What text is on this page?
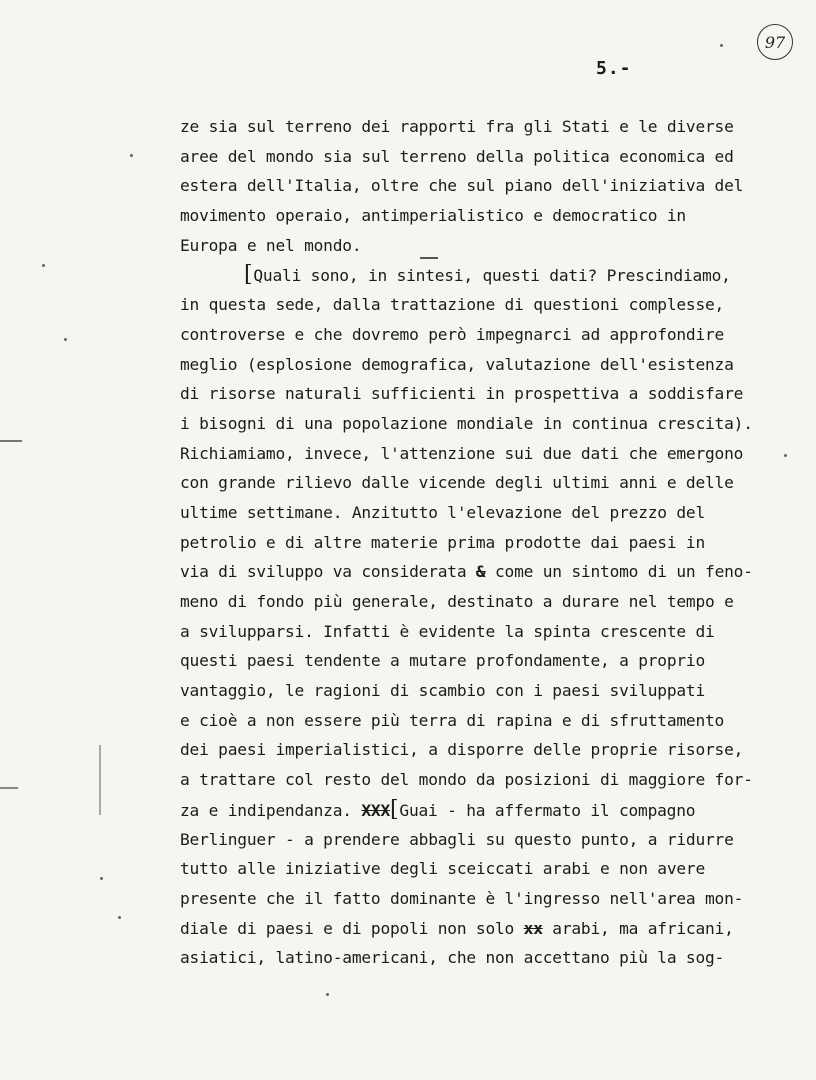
97
5.-
ze sia sul terreno dei rapporti fra gli Stati e le diverse
aree del mondo sia sul terreno della politica economica ed
estera dell'Italia, oltre che sul piano dell'iniziativa del
movimento operaio, antimperialistico e democratico in
Europa e nel mondo.
[Quali sono, in sintesi, questi dati? Prescindiamo,
in questa sede, dalla trattazione di questioni complesse,
controverse e che dovremo però impegnarci ad approfondire
meglio (esplosione demografica, valutazione dell'esistenza
di risorse naturali sufficienti in prospettiva a soddisfare
i bisogni di una popolazione mondiale in continua crescita).
Richiamiamo, invece, l'attenzione sui due dati che emergono
con grande rilievo dalle vicende degli ultimi anni e delle
ultime settimane. Anzitutto l'elevazione del prezzo del
petrolio e di altre materie prima prodotte dai paesi in
via di sviluppo va considerata & come un sintomo di un feno-
meno di fondo più generale, destinato a durare nel tempo e
a svilupparsi. Infatti è evidente la spinta crescente di
questi paesi tendente a mutare profondamente, a proprio
vantaggio, le ragioni di scambio con i paesi sviluppati
e cioè a non essere più terra di rapina e di sfruttamento
dei paesi imperialistici, a disporre delle proprie risorse,
a trattare col resto del mondo da posizioni di maggiore for-
za e indipendanza. XXX[Guai - ha affermato il compagno
Berlinguer - a prendere abbagli su questo punto, a ridurre
tutto alle iniziative degli sceiccati arabi e non avere
presente che il fatto dominante è l'ingresso nell'area mon-
diale di paesi e di popoli non solo xx arabi, ma africani,
asiatici, latino-americani, che non accettano più la sog-
